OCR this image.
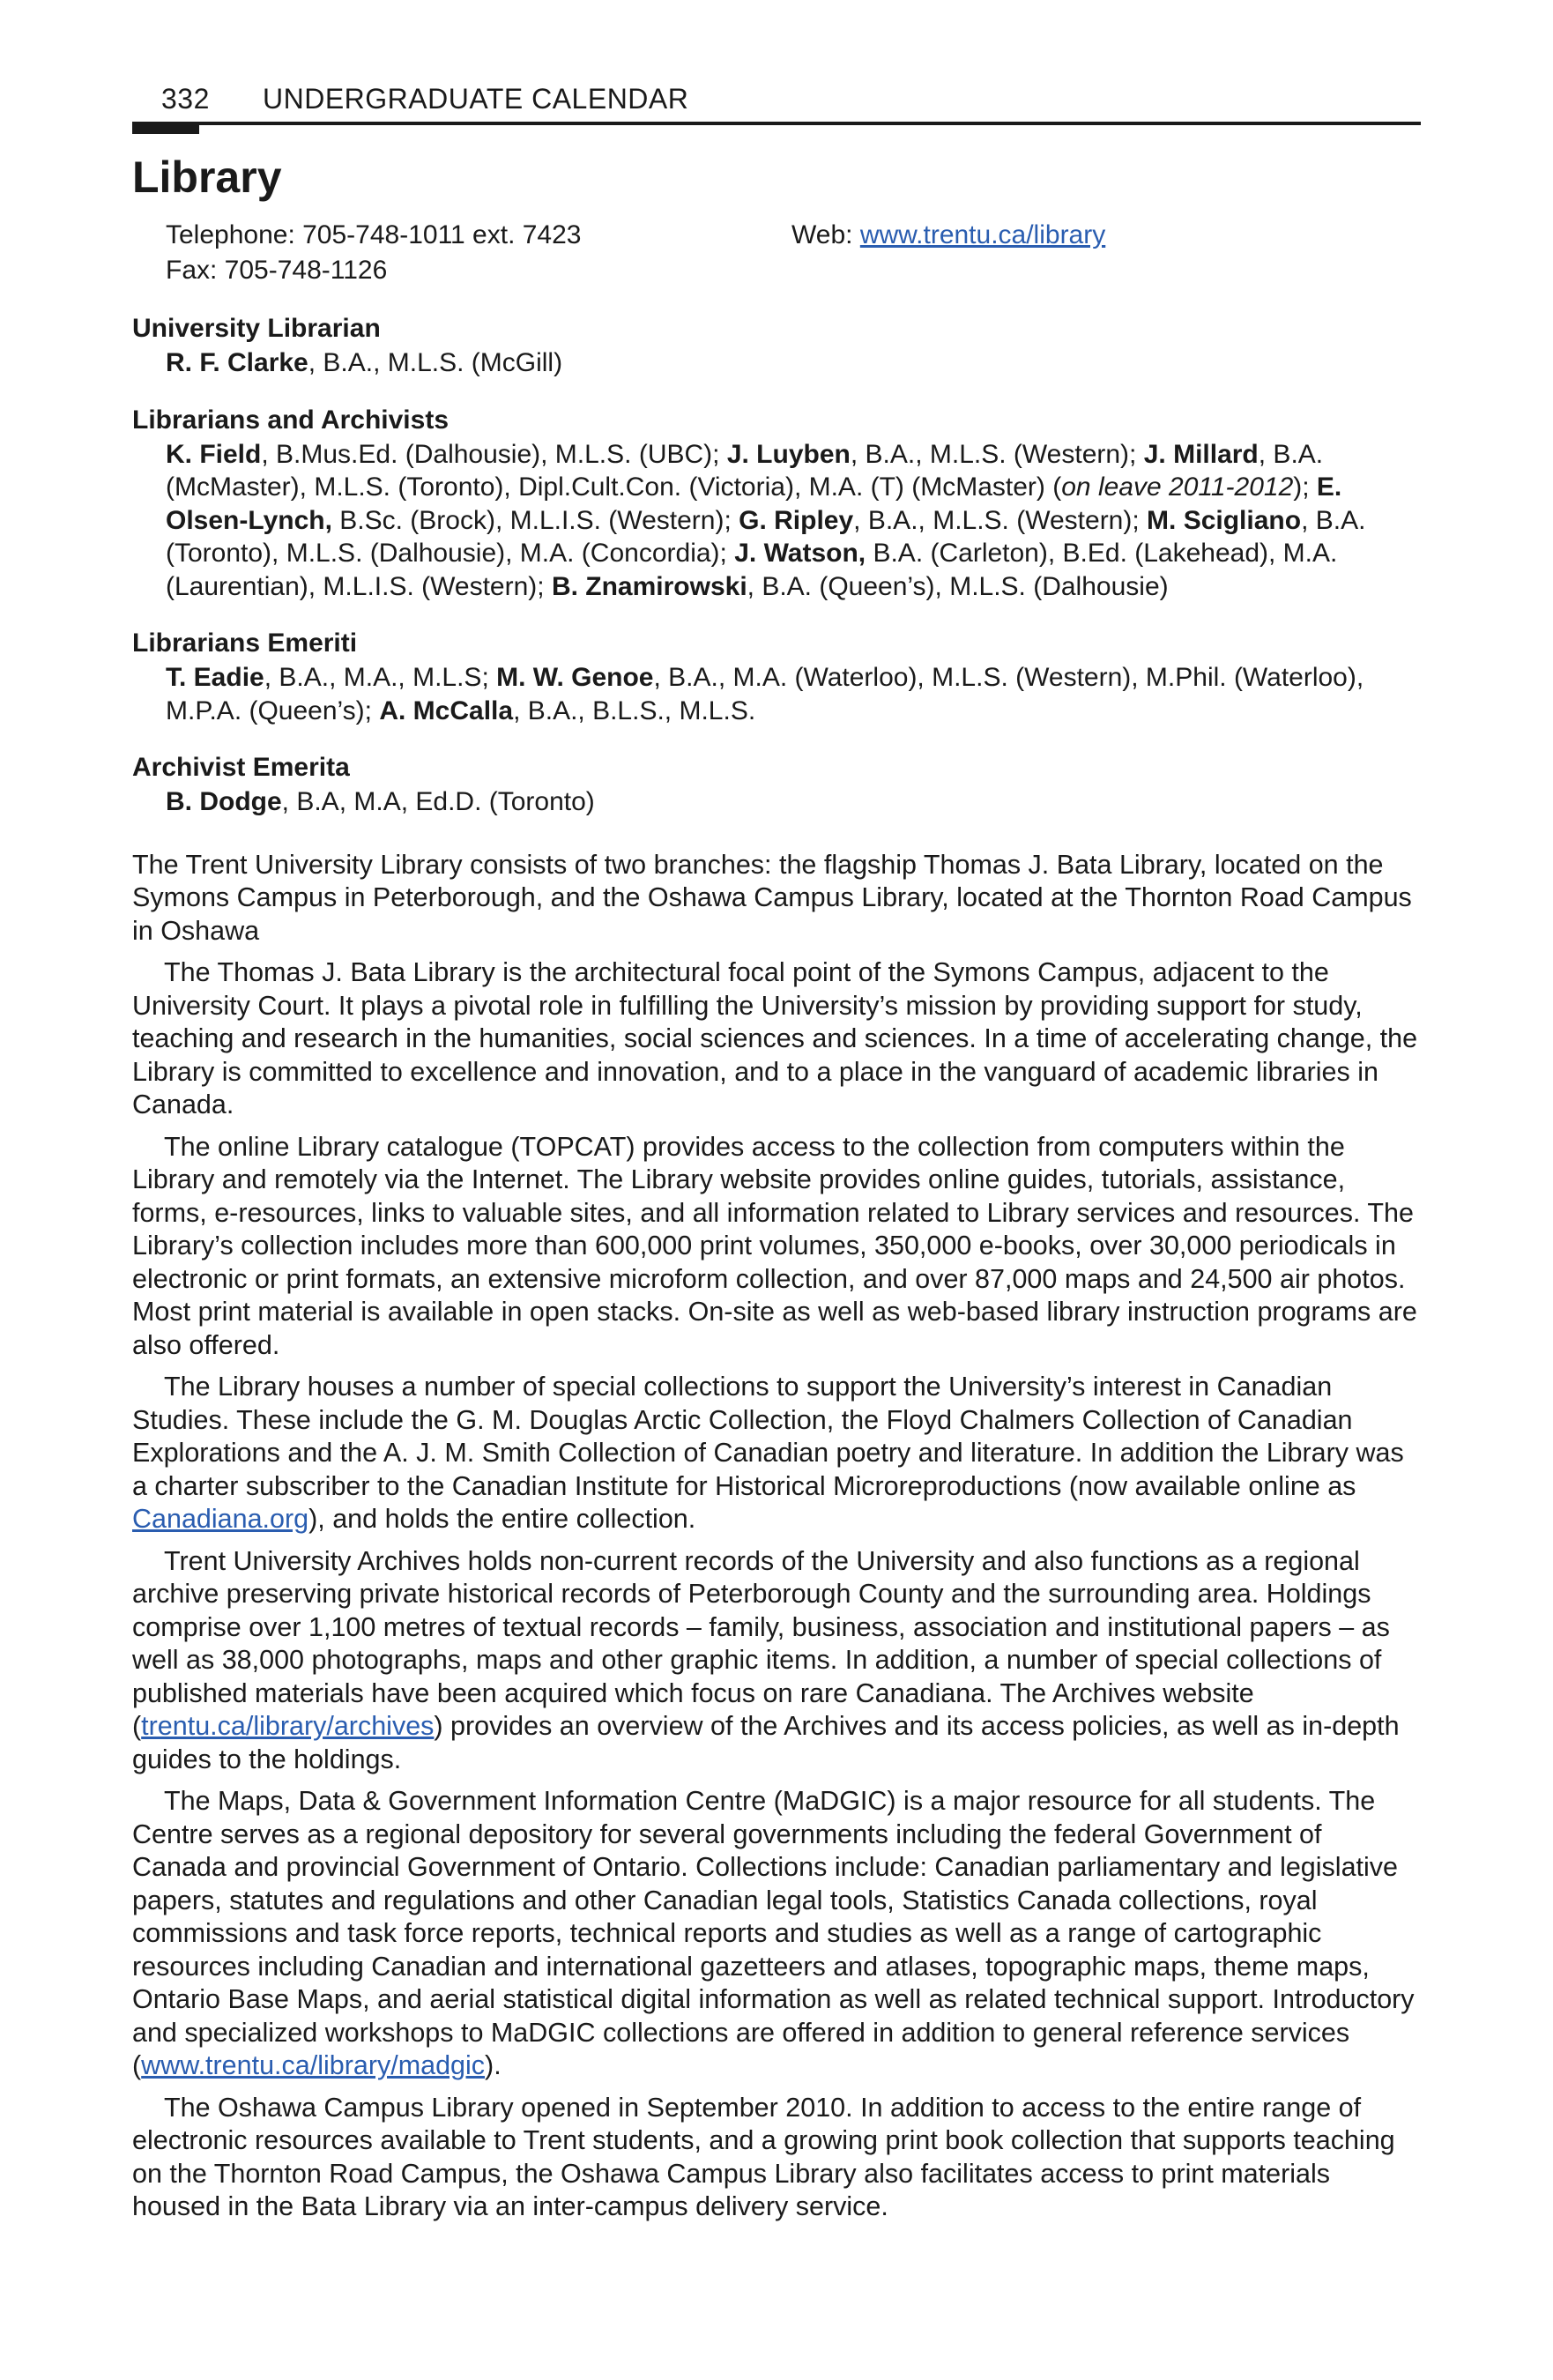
332 UNDERGRADUATE CALENDAR
Library
Telephone: 705-748-1011 ext. 7423
Fax: 705-748-1126
Web: www.trentu.ca/library
University Librarian
R. F. Clarke, B.A., M.L.S. (McGill)
Librarians and Archivists
K. Field, B.Mus.Ed. (Dalhousie), M.L.S. (UBC); J. Luyben, B.A., M.L.S. (Western); J. Millard, B.A. (McMaster), M.L.S. (Toronto), Dipl.Cult.Con. (Victoria), M.A. (T) (McMaster) (on leave 2011-2012); E. Olsen-Lynch, B.Sc. (Brock), M.L.I.S. (Western); G. Ripley, B.A., M.L.S. (Western); M. Scigliano, B.A. (Toronto), M.L.S. (Dalhousie), M.A. (Concordia); J. Watson, B.A. (Carleton), B.Ed. (Lakehead), M.A. (Laurentian), M.L.I.S. (Western); B. Znamirowski, B.A. (Queen’s), M.L.S. (Dalhousie)
Librarians Emeriti
T. Eadie, B.A., M.A., M.L.S; M. W. Genoe, B.A., M.A. (Waterloo), M.L.S. (Western), M.Phil. (Waterloo), M.P.A. (Queen’s); A. McCalla, B.A., B.L.S., M.L.S.
Archivist Emerita
B. Dodge, B.A, M.A, Ed.D. (Toronto)

The Trent University Library consists of two branches: the flagship Thomas J. Bata Library, located on the Symons Campus in Peterborough, and the Oshawa Campus Library, located at the Thornton Road Campus in Oshawa

The Thomas J. Bata Library is the architectural focal point of the Symons Campus, adjacent to the University Court. It plays a pivotal role in fulfilling the University’s mission by providing support for study, teaching and research in the humanities, social sciences and sciences. In a time of accelerating change, the Library is committed to excellence and innovation, and to a place in the vanguard of academic libraries in Canada.

The online Library catalogue (TOPCAT) provides access to the collection from computers within the Library and remotely via the Internet. The Library website provides online guides, tutorials, assistance, forms, e-resources, links to valuable sites, and all information related to Library services and resources. The Library’s collection includes more than 600,000 print volumes, 350,000 e-books, over 30,000 periodicals in electronic or print formats, an extensive microform collection, and over 87,000 maps and 24,500 air photos. Most print material is available in open stacks. On-site as well as web-based library instruction programs are also offered.

The Library houses a number of special collections to support the University’s interest in Canadian Studies. These include the G. M. Douglas Arctic Collection, the Floyd Chalmers Collection of Canadian Explorations and the A. J. M. Smith Collection of Canadian poetry and literature. In addition the Library was a charter subscriber to the Canadian Institute for Historical Microreproductions (now available online as Canadiana.org), and holds the entire collection.

Trent University Archives holds non-current records of the University and also functions as a regional archive preserving private historical records of Peterborough County and the surrounding area. Holdings comprise over 1,100 metres of textual records – family, business, association and institutional papers – as well as 38,000 photographs, maps and other graphic items. In addition, a number of special collections of published materials have been acquired which focus on rare Canadiana. The Archives website (trentu.ca/library/archives) provides an overview of the Archives and its access policies, as well as in-depth guides to the holdings.

The Maps, Data & Government Information Centre (MaDGIC) is a major resource for all students. The Centre serves as a regional depository for several governments including the federal Government of Canada and provincial Government of Ontario. Collections include: Canadian parliamentary and legislative papers, statutes and regulations and other Canadian legal tools, Statistics Canada collections, royal commissions and task force reports, technical reports and studies as well as a range of cartographic resources including Canadian and international gazetteers and atlases, topographic maps, theme maps, Ontario Base Maps, and aerial statistical digital information as well as related technical support. Introductory and specialized workshops to MaDGIC collections are offered in addition to general reference services (www.trentu.ca/library/madgic).

The Oshawa Campus Library opened in September 2010. In addition to access to the entire range of electronic resources available to Trent students, and a growing print book collection that supports teaching on the Thornton Road Campus, the Oshawa Campus Library also facilitates access to print materials housed in the Bata Library via an inter-campus delivery service.
